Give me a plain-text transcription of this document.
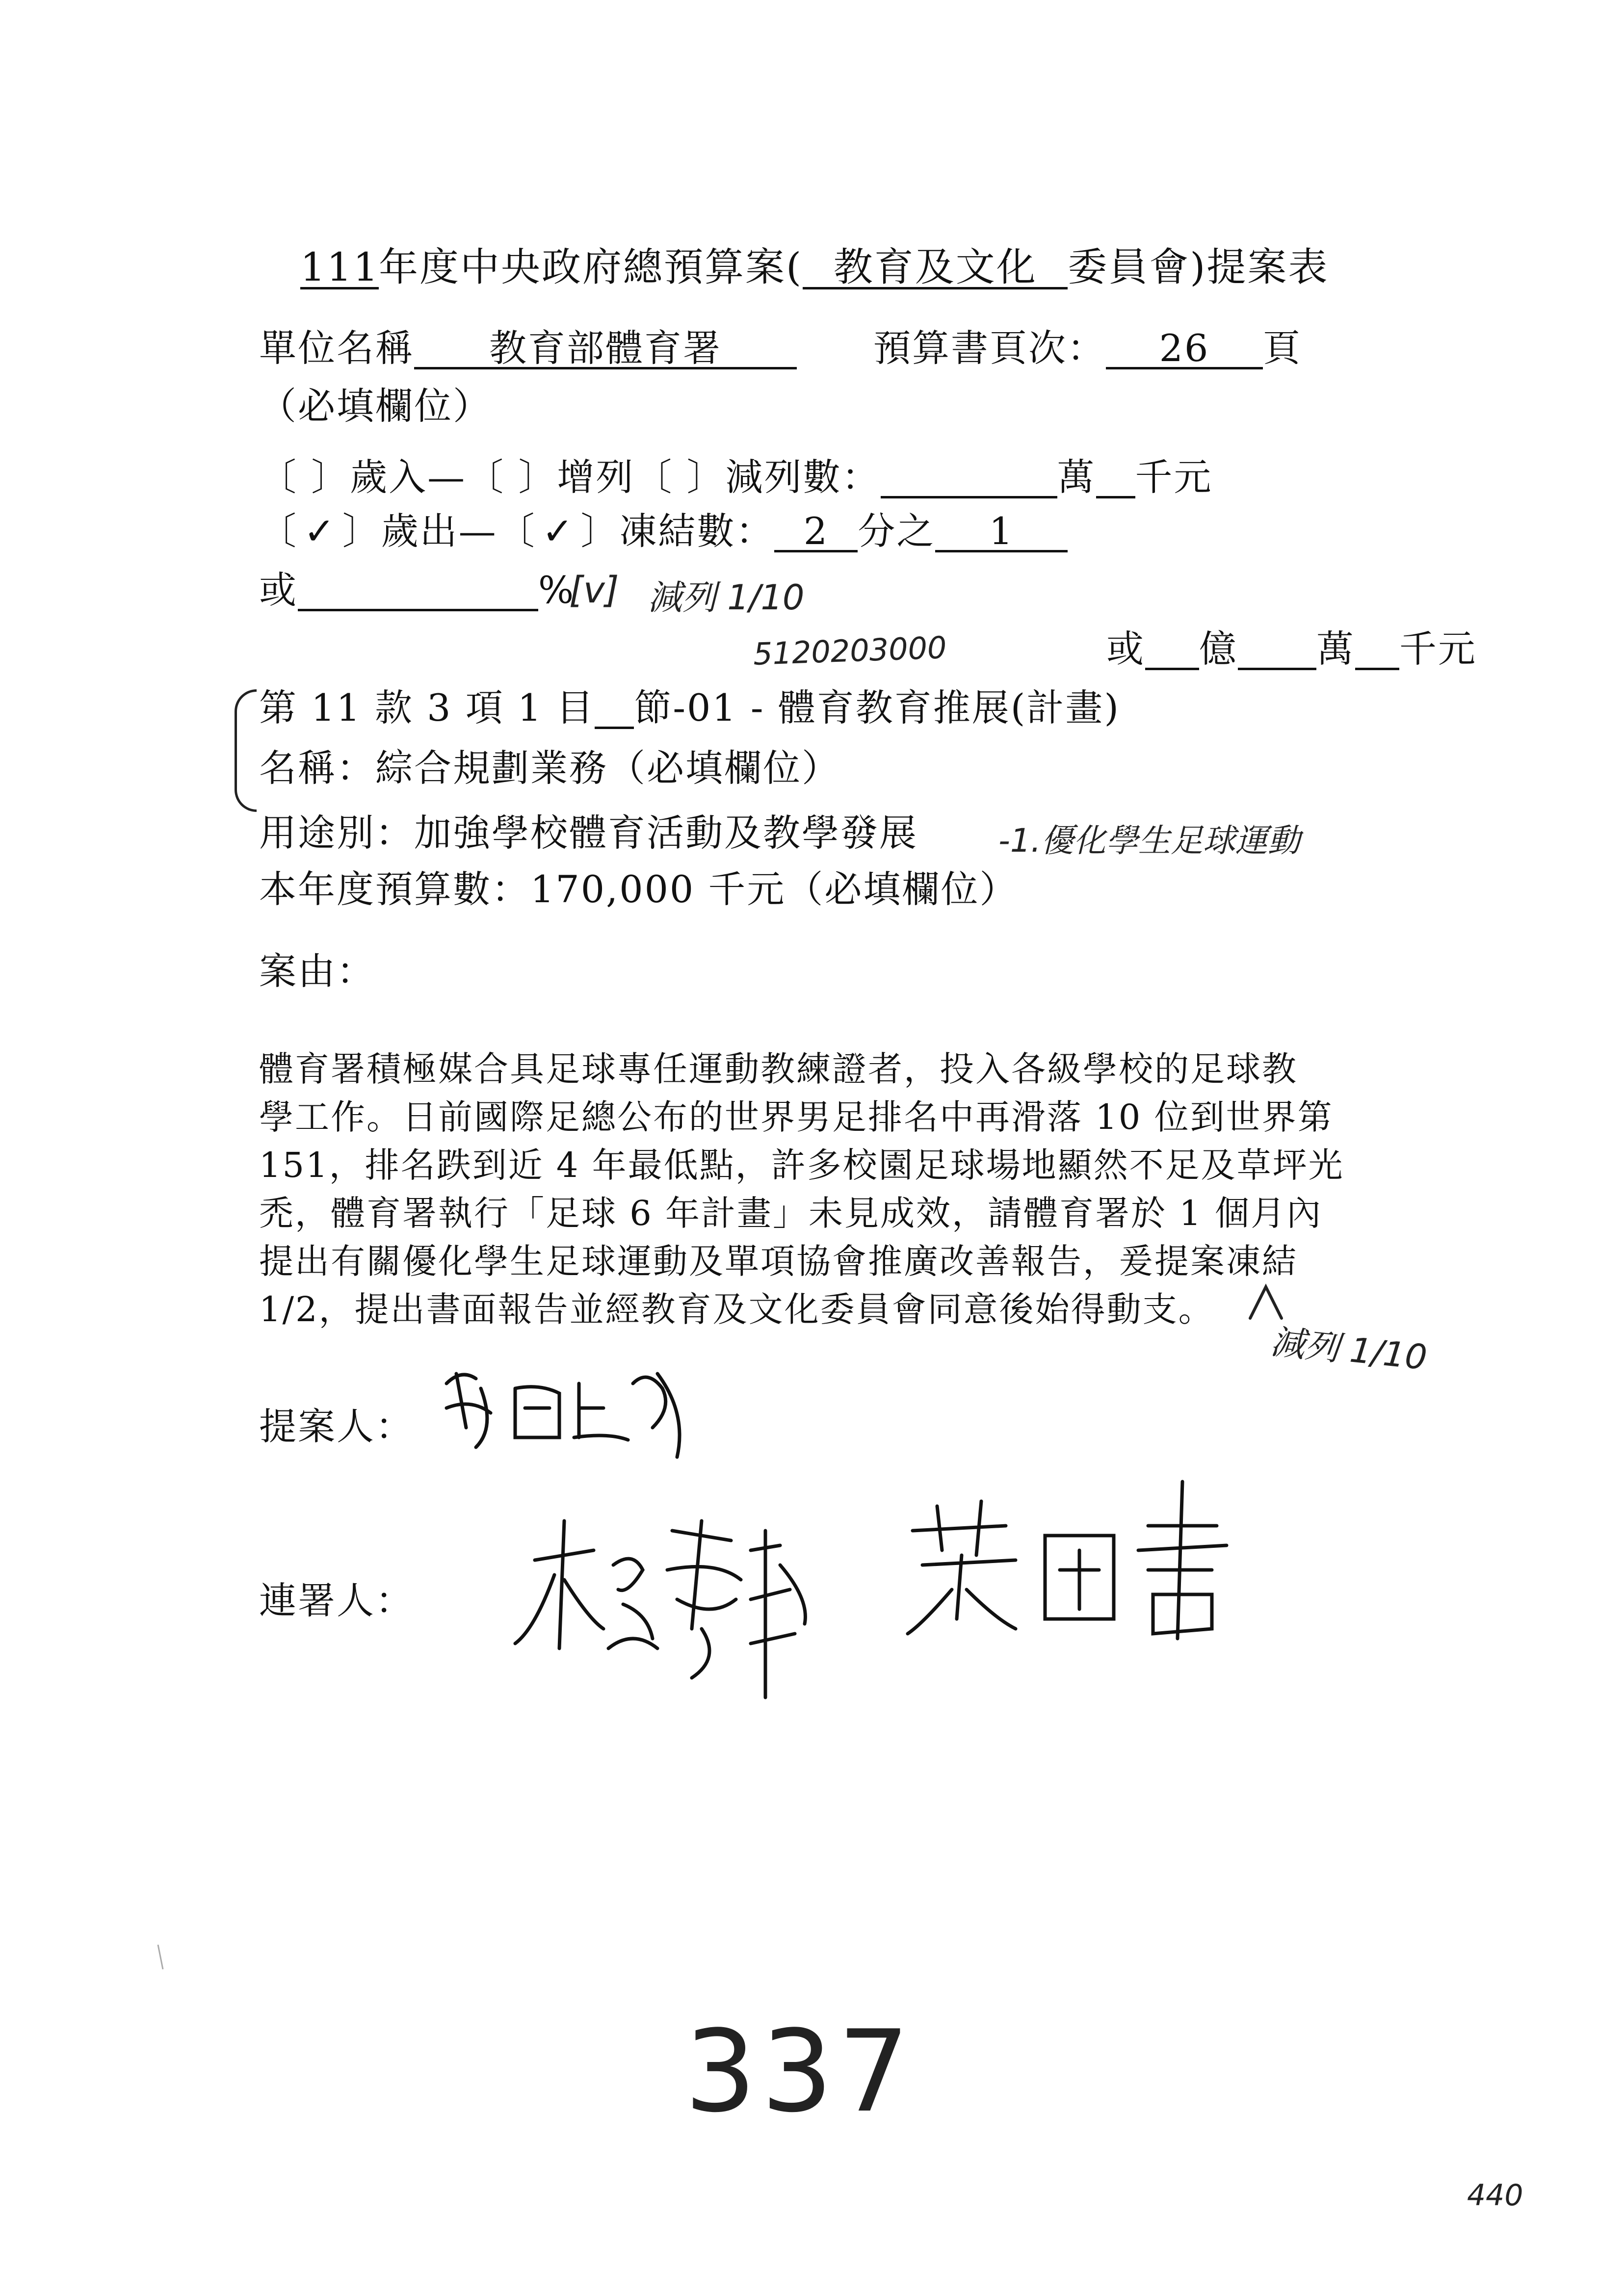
111年度中央政府總預算案( 教育及文化 委員會)提案表
單位名稱 教育部體育署	預算書頁次： 26 頁
（必填欄位）
〔 〕歲入—〔 〕增列〔 〕減列數：	萬 千元
〔 ✓ 〕歲出—〔 ✓ 〕凍結數： 2 分之 1
或	%
[v] 減列 1/10
5120203000	或 億 萬 千元
第 11 款 3 項 1 目 節-01 - 體育教育推展(計畫)
名稱：綜合規劃業務（必填欄位）
用途別：加強學校體育活動及教學發展 -1.優化學生足球運動
本年度預算數：170,000 千元（必填欄位）
案由：
體育署積極媒合具足球專任運動教練證者，投入各級學校的足球教
學工作。日前國際足總公布的世界男足排名中再滑落 10 位到世界第
151，排名跌到近 4 年最低點，許多校園足球場地顯然不足及草坪光
禿，體育署執行「足球 6 年計畫」未見成效，請體育署於 1 個月內
提出有關優化學生足球運動及單項協會推廣改善報告，爰提案凍結
1/2，提出書面報告並經教育及文化委員會同意後始得動支。
減列 1/10
提案人：
連署人：
337
440
